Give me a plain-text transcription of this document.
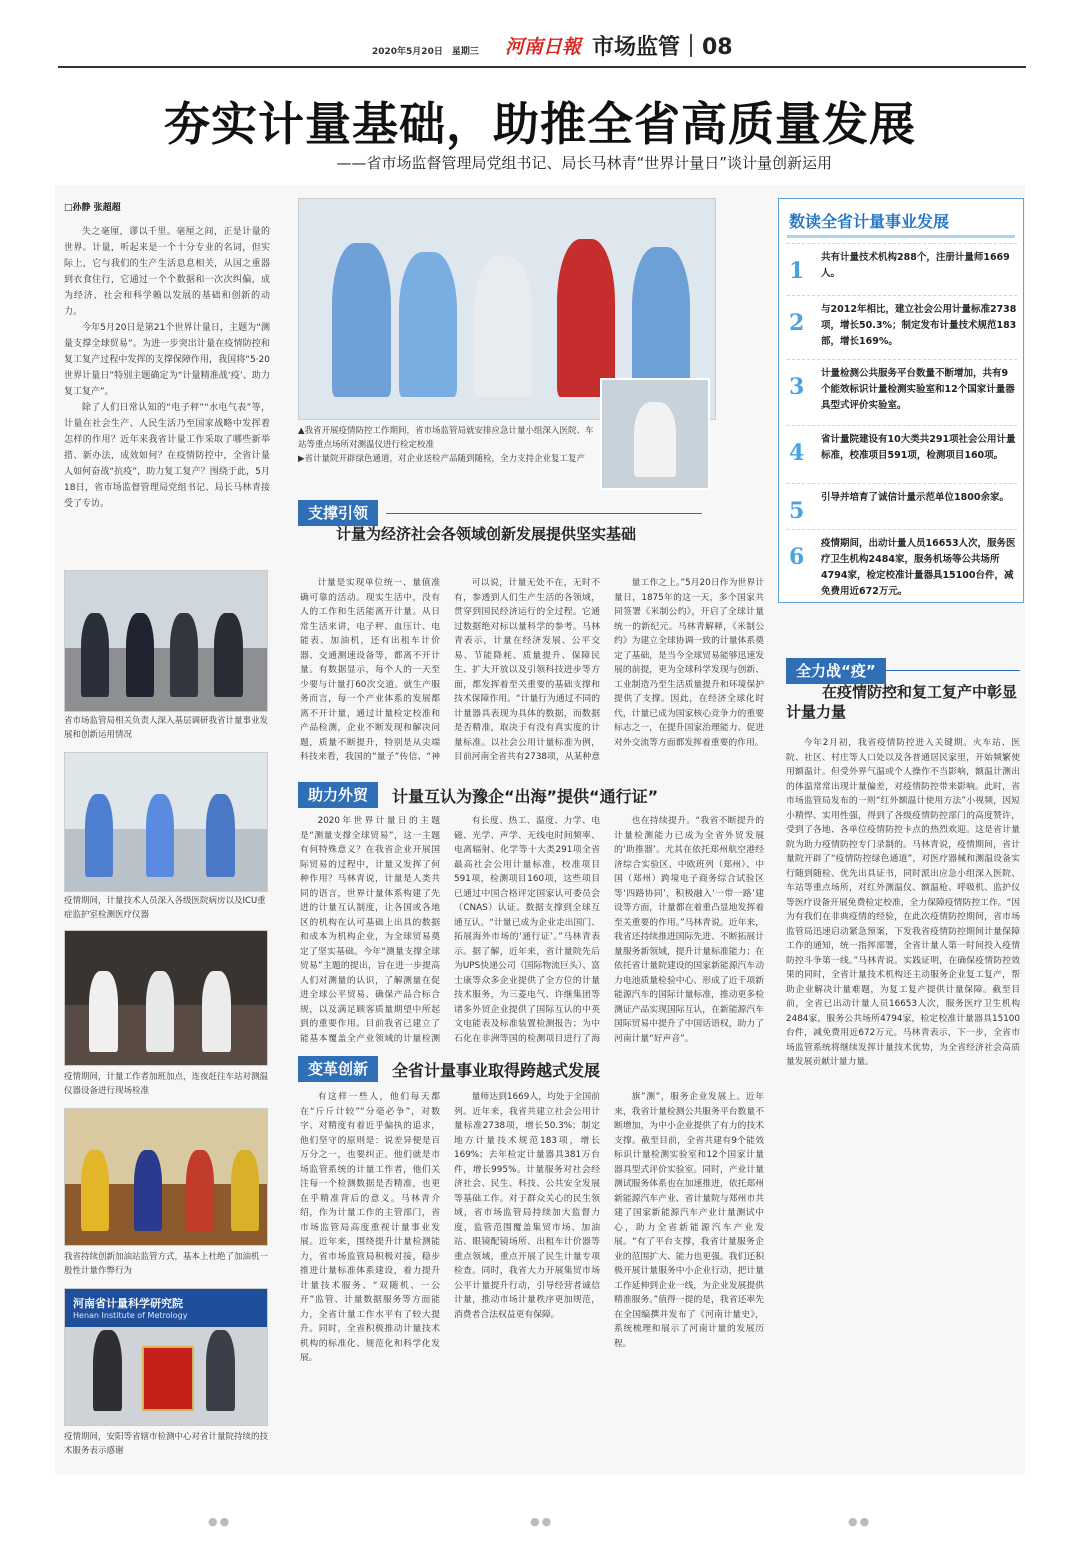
2020年5月20日　星期三 河南日報 市场监管｜08
夯实计量基础，助推全省高质量发展
——省市场监督管理局党组书记、局长马林青“世界计量日”谈计量创新运用
□孙静 张超超

失之毫厘，谬以千里。毫厘之间，正是计量的世界。计量，听起来是一个十分专业的名词，但实际上，它与我们的生产生活息息相关，从国之重器到衣食住行，它通过一个个数据和一次次纠偏，成为经济、社会和科学赖以发展的基础和创新的动力。

今年5月20日是第21个世界计量日，主题为“测量支撑全球贸易”。为进一步突出计量在疫情防控和复工复产过程中发挥的支撑保障作用，我国将“5·20世界计量日”特别主题确定为“计量精准战‘疫’、助力复工复产”。

除了人们日常认知的“电子秤”“水电气表”等，计量在社会生产、人民生活乃至国家战略中发挥着怎样的作用？近年来我省计量工作采取了哪些新举措、新办法，成效如何？在疫情防控中，全省计量人如何奋战“抗疫”，助力复工复产？围绕于此，5月18日，省市场监督管理局党组书记、局长马林青接受了专访。

省市场监管局相关负责人深入基层调研我省计量事业发展和创新运用情况
疫情期间，计量技术人员深入各级医院病房以及ICU重症监护室检测医疗仪器
疫情期间，计量工作者加班加点，连夜赶往车站对测温仪器设备进行现场检准
我省持续创新加油站监管方式，基本上杜绝了加油机一般性计量作弊行为
河南省计量科学研究院
Henan Institute of Metrology
疫情期间，安阳等省辖市检测中心对省计量院持续的技术服务表示感谢
▲我省开展疫情防控工作期间，省市场监管局就安排应急计量小组深入医院、车站等重点场所对测温仪进行检定校准
▶省计量院开辟绿色通道，对企业送检产品随到随检，全力支持企业复工复产
支撑引领
计量为经济社会各领域创新发展提供坚实基础

计量是实现单位统一、量值准确可靠的活动。现实生活中，没有人的工作和生活能离开计量。从日常生活来讲，电子秤、血压计、电能表、加油机，还有出租车计价器、交通测速设备等，都离不开计量。有数据显示，每个人的一天至少要与计量打60次交道。就生产服务而言，每一个产业体系的发展都离不开计量，通过计量检定校准和产品检测，企业不断发现和解决问题，质量不断提升，特别是从尖端科技来看，我国的“量子”传信、“神

可以说，计量无处不在，无时不有，参透到人们生产生活的各领域，贯穿到国民经济运行的全过程。它通过数据绝对标以量科学的参考。马林青表示，计量在经济发展、公平交易、节能降耗、质量提升、保障民生、扩大开放以及引领科技进步等方面，都发挥着至关重要的基础支撑和技术保障作用。“计量行为通过不同的计量器具表现为具体的数据，而数据是否精准，取决于有没有真实度的计量标准。以社会公用计量标准为例，目前河南全省共有2738项，从某种意

量工作之上。”5月20日作为世界计量日，1875年的这一天，多个国家共同签署《米制公约》，开启了全球计量统一的新纪元。马林青解释，《米制公约》为建立全球协调一致的计量体系奠定了基础，是当今全球贸易能够迅速发展的前提，更为全球科学发现与创新、工业制造乃至生活质量提升和环境保护提供了支撑。因此，在经济全球化时代，计量已成为国家核心竞争力的重要标志之一，在提升国家治理能力、促进对外交流等方面都发挥着重要的作用。

助力外贸	计量互认为豫企“出海”提供“通行证”

2020年世界计量日的主题是“测量支撑全球贸易”，这一主题有何特殊意义？在我省企业开展国际贸易的过程中，计量又发挥了何种作用？马林青说，计量是人类共同的语言，世界计量体系构建了先进的计量互认制度，让各国或各地区的机构在认可基础上出具的数据和成本为机构企业，为全球贸易奠定了坚实基础。今年“测量支撑全球贸易”主题的提出，旨在进一步提高人们对测量的认识，了解测量在促进全球公平贸易、确保产品合标合规，以及满足顾客质量期望中所起到的重要作用。目前我省已建立了能基本覆盖全产业领域的计量检测

有长度、热工、温度、力学、电磁、光学、声学、无线电时间频率、电离辐射、化学等十大类291项全省最高社会公用计量标准，校准项目591项，检测项目160项，这些项目已通过中国合格评定国家认可委员会（CNAS）认证。数据支撑到全球互通互认。“计量已成为企业走出国门、拓展海外市场的‘通行证’。”马林青表示。据了解，近年来，省计量院先后为UPS快递公司（国际物流巨头）、富士康等众多企业提供了全方位的计量技术服务，为三菱电气、许继集团等诸多外贸企业提供了国际互认的中英文电能表及标准装置检测报告；为中石化在非洲等国的检测项目进行了海

也在持续提升。“我省不断提升的计量检测能力已成为全省外贸发展的‘助推器’。尤其在依托郑州航空港经济综合实验区、中欧班列（郑州）、中国（郑州）跨境电子商务综合试验区等‘四路协同’，积极融入‘一带一路’建设等方面，计量都在着重凸显地发挥着至关重要的作用。”马林青说。近年来，我省还持续推进国际先进、不断拓展计量服务新领域，提升计量标准能力；在依托省计量院建设的国家新能源汽车动力电池质量检验中心、形成了近千项新能源汽车的国际计量标准，推动更多检测证产品实现国际互认，在新能源汽车国际贸易中提升了中国话语权，助力了河南计量“好声音”。

变革创新	全省计量事业取得跨越式发展

有这样一些人，他们每天都在“斤斤计较”“分毫必争”，对数字、对精度有着近乎偏执的追求，他们坚守的原则是：说差异便是百万分之一，也要纠正。他们就是市场监管系统的计量工作者，他们关注每一个检测数据是否精准，也更在乎精准背后的意义。马林青介绍，作为计量工作的主管部门，省市场监管局高度重视计量事业发展。近年来，围绕提升计量检测能力，省市场监管局积极对接，稳步推进计量标准体系建设，着力提升计量技术服务、“双随机、一公开”监管、计量数据服务等方面能力，全省计量工作水平有了较大提升。同时，全省积极推动计量技术机构的标准化、规范化和科学化发展。

量师达到1669人，均处于全国前列。近年来，我省共建立社会公用计量标准2738项，增长50.3%；制定地方计量技术规范183项，增长169%；去年检定计量器具381万台件，增长995%。计量服务对社会经济社会、民生、科技、公共安全发展等基础工作。对于群众关心的民生领域，省市场监管局持续加大监督力度，监管范围覆盖集贸市场、加油站、眼镜配镜场所、出租车计价器等重点领域，重点开展了民生计量专项检查。同时，我省大力开展集贸市场公平计量提升行动，引导经营者诚信计量，推动市场计量秩序更加规范，消费者合法权益更有保障。

旗”测”，服务企业发展上。近年来，我省计量检测公共服务平台数量不断增加，为中小企业提供了有力的技术支撑。截至目前，全省共建有9个能效标识计量检测实验室和12个国家计量器具型式评价实验室。同时，产业计量测试服务体系也在加速推进，依托郑州新能源汽车产业、省计量院与郑州市共建了国家新能源汽车产业计量测试中心，助力全省新能源汽车产业发展。“有了平台支撑，我省计量服务企业的范围扩大、能力也更强。我们还积极开展计量服务中小企业行动，把计量工作延伸到企业一线，为企业发展提供精准服务。”值得一提的是，我省还率先在全国编撰并发布了《河南计量史》，系统梳理和展示了河南计量的发展历程。

数读全省计量事业发展
1
共有计量技术机构288个，注册计量师1669人。
2
与2012年相比，建立社会公用计量标准2738项，增长50.3%；制定发布计量技术规范183部，增长169%。
3
计量检测公共服务平台数量不断增加，共有9个能效标识计量检测实验室和12个国家计量器具型式评价实验室。
4
省计量院建设有10大类共291项社会公用计量标准，校准项目591项，检测项目160项。
5
引导并培育了诚信计量示范单位1800余家。
6
疫情期间，出动计量人员16653人次，服务医疗卫生机构2484家，服务机场等公共场所4794家，检定校准计量器具15100台件，减免费用近672万元。
全力战“疫”
在疫情防控和复工复产中彰显计量力量

今年2月初，我省疫情防控进入关键期。火车站、医院、社区、村庄等人口处以及各普通居民家里，开始频繁使用额温计。但受外界气温或个人操作不当影响，额温计测出的体温常常出现计量偏差，对疫情防控带来影响。此时，省市场监管局发布的一则“红外额温计使用方法”小视频，因短小精悍、实用性强，得到了各级疫情防控部门的高度赞许，受到了各地、各单位疫情防控卡点的热烈欢迎。这是省计量院为助力疫情防控专门录制的。马林青说，疫情期间，省计量院开辟了“疫情防控绿色通道”，对医疗器械和测温设备实行随到随检、优先出具证书，同时派出应急小组深入医院、车站等重点场所，对红外测温仪、额温枪、呼吸机、监护仪等医疗设备开展免费检定校准，全力保障疫情防控工作。“因为有我们在非典疫情的经验，在此次疫情防控期间，省市场监管局迅速启动紧急预案，下发我省疫情防控期间计量保障工作的通知，统一指挥部署，全省计量人第一时间投入疫情防控斗争第一线。”马林青说。实践证明，在确保疫情防控效果的同时，全省计量技术机构还主动服务企业复工复产，帮助企业解决计量难题，为复工复产提供计量保障。截至目前，全省已出动计量人员16653人次，服务医疗卫生机构2484家，服务公共场所4794家，检定校准计量器具15100台件，减免费用近672万元。马林青表示，下一步，全省市场监管系统将继续发挥计量技术优势，为全省经济社会高质量发展贡献计量力量。

●●	●●	●●
